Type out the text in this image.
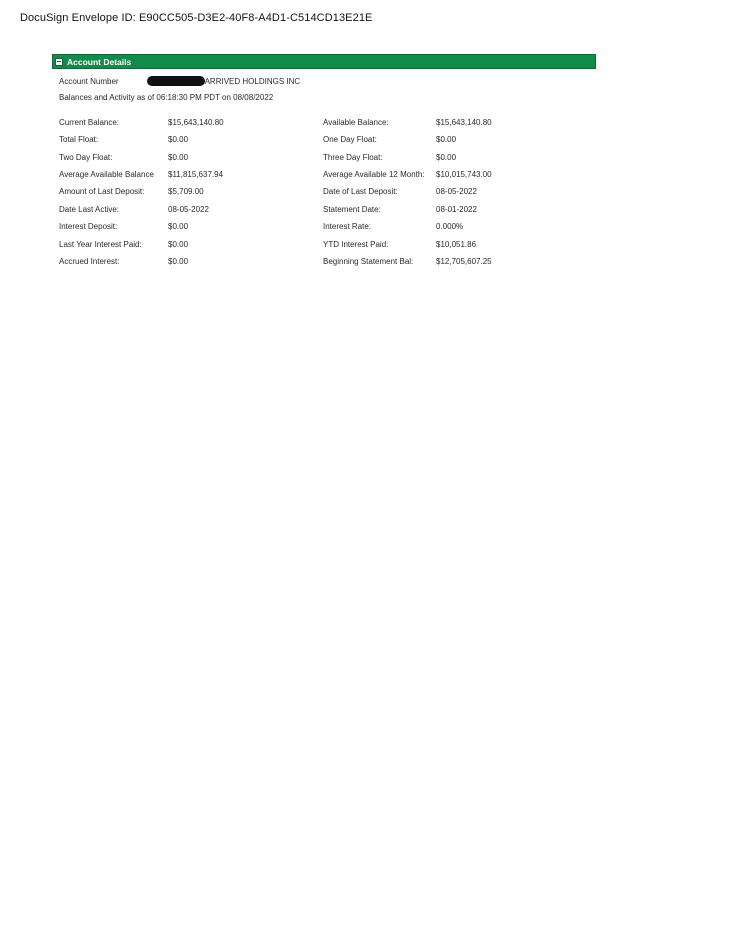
DocuSign Envelope ID: E90CC505-D3E2-40F8-A4D1-C514CD13E21E
Account Details
Account Number	ARRIVED HOLDINGS INC
Balances and Activity as of 06:18:30 PM PDT on 08/08/2022
Current Balance:	$15,643,140.80	Available Balance:	$15,643,140.80
Total Float:	$0.00	One Day Float:	$0.00
Two Day Float:	$0.00	Three Day Float:	$0.00
Average Available Balance $11,815,637.94	Average Available 12 Month: $10,015,743.00
Amount of Last Deposit:	$5,709.00	Date of Last Deposit:	08-05-2022
Date Last Active:	08-05-2022	Statement Date:	08-01-2022
Interest Deposit:	$0.00	Interest Rate:	0.000%
Last Year Interest Paid:	$0.00	YTD Interest Paid:	$10,051.86
Accrued Interest:	$0.00	Beginning Statement Bal:	$12,705,607.25
